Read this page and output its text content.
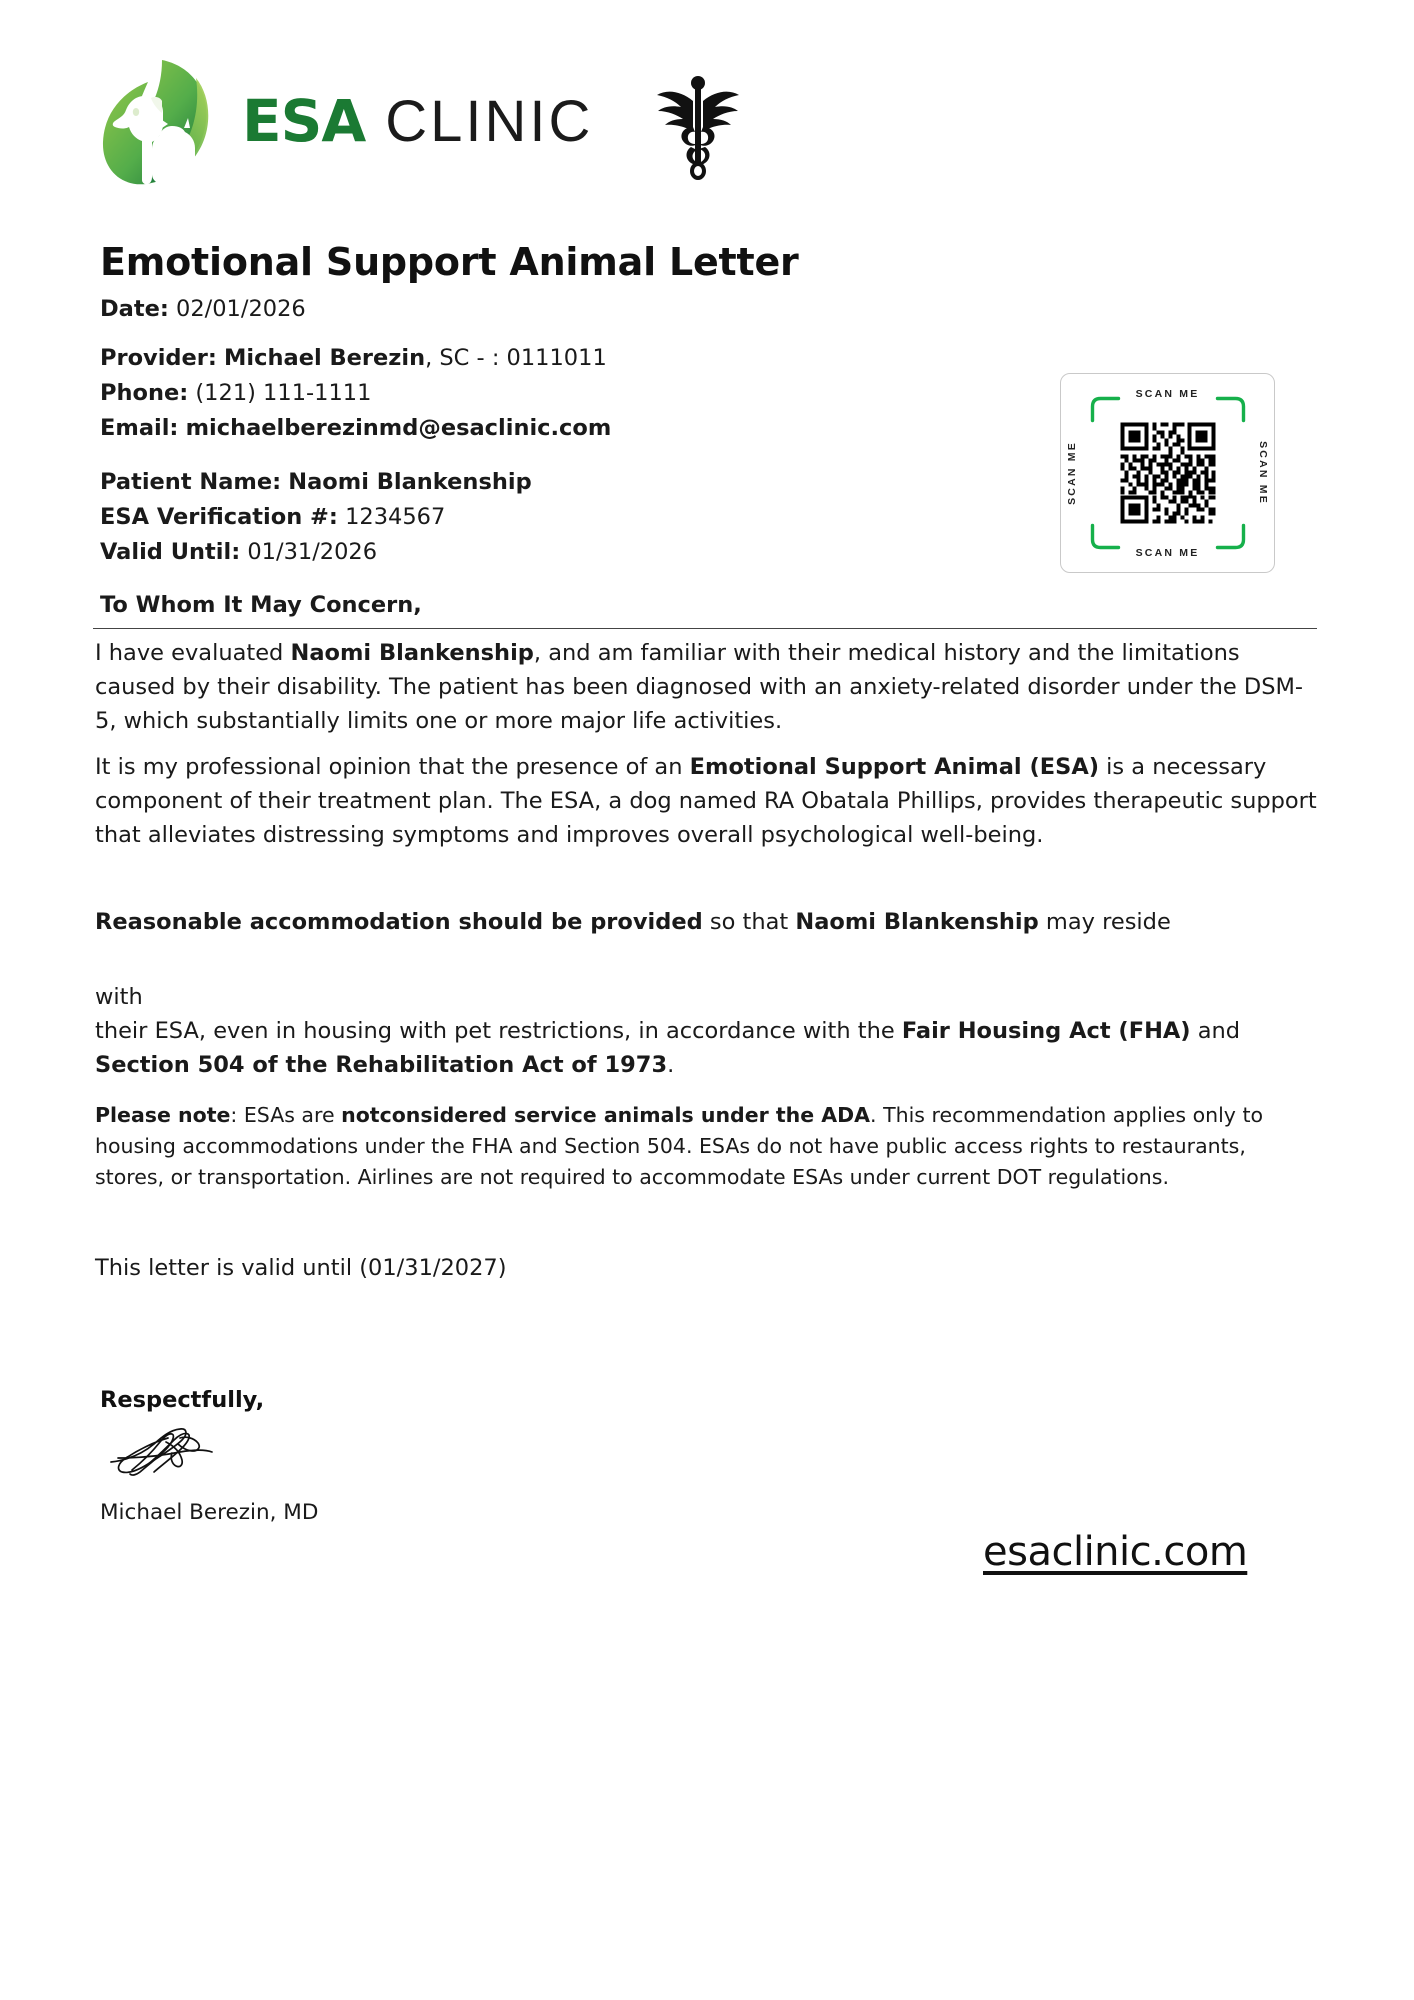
ESA CLINIC
Emotional Support Animal Letter
Date: 02/01/2026
Provider: Michael Berezin, SC - : 0111011
Phone: (121) 111-1111
Email: michaelberezinmd@esaclinic.com
Patient Name: Naomi Blankenship
ESA Verification #: 1234567
Valid Until: 01/31/2026
To Whom It May Concern,
SCAN ME
SCAN ME
SCAN ME	SCAN ME
I have evaluated Naomi Blankenship, and am familiar with their medical history and the limitations caused by their disability. The patient has been diagnosed with an anxiety-related disorder under the DSM-5, which substantially limits one or more major life activities.
It is my professional opinion that the presence of an Emotional Support Animal (ESA) is a necessary component of their treatment plan. The ESA, a dog named RA Obatala Phillips, provides therapeutic support that alleviates distressing symptoms and improves overall psychological well-being.
Reasonable accommodation should be provided so that Naomi Blankenship may reside
with
their ESA, even in housing with pet restrictions, in accordance with the Fair Housing Act (FHA) and Section 504 of the Rehabilitation Act of 1973.
Please note: ESAs are notconsidered service animals under the ADA. This recommendation applies only to housing accommodations under the FHA and Section 504. ESAs do not have public access rights to restaurants, stores, or transportation. Airlines are not required to accommodate ESAs under current DOT regulations.
This letter is valid until (01/31/2027)
Respectfully,
Michael Berezin, MD
esaclinic.com
